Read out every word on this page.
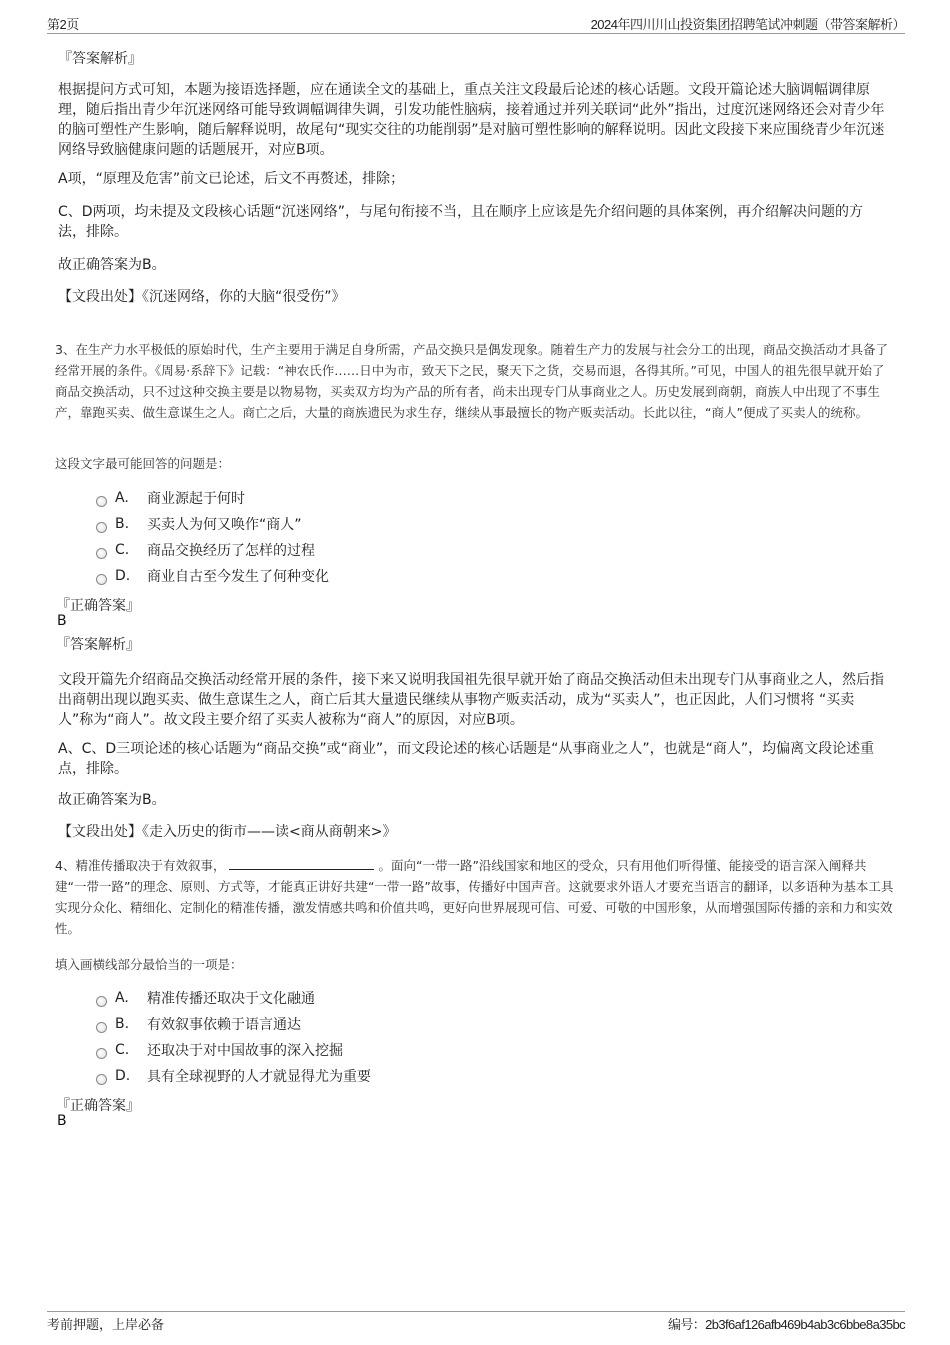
第2页	2024年四川川山投资集团招聘笔试冲刺题（带答案解析）
『答案解析』
根据提问方式可知，本题为接语选择题，应在通读全文的基础上，重点关注文段最后论述的核心话题。文段开篇论述大脑调幅调律原理，随后指出青少年沉迷网络可能导致调幅调律失调，引发功能性脑病，接着通过并列关联词“此外”指出，过度沉迷网络还会对青少年的脑可塑性产生影响，随后解释说明，故尾句“现实交往的功能削弱”是对脑可塑性影响的解释说明。因此文段接下来应围绕青少年沉迷网络导致脑健康问题的话题展开，对应B项。
A项，“原理及危害”前文已论述，后文不再赘述，排除；
C、D两项，均未提及文段核心话题“沉迷网络”，与尾句衔接不当，且在顺序上应该是先介绍问题的具体案例，再介绍解决问题的方法，排除。
故正确答案为B。
【文段出处】《沉迷网络，你的大脑“很受伤”》
3、在生产力水平极低的原始时代，生产主要用于满足自身所需，产品交换只是偶发现象。随着生产力的发展与社会分工的出现，商品交换活动才具备了经常开展的条件。《周易·系辞下》记载：“神农氏作……日中为市，致天下之民，聚天下之货，交易而退，各得其所。”可见，中国人的祖先很早就开始了商品交换活动，只不过这种交换主要是以物易物，买卖双方均为产品的所有者，尚未出现专门从事商业之人。历史发展到商朝，商族人中出现了不事生产，靠跑买卖、做生意谋生之人。商亡之后，大量的商族遗民为求生存，继续从事最擅长的物产贩卖活动。长此以往，“商人”便成了买卖人的统称。
这段文字最可能回答的问题是：
A.	商业源起于何时
B.	买卖人为何又唤作“商人”
C.	商品交换经历了怎样的过程
D.	商业自古至今发生了何种变化
『正确答案』
B
『答案解析』
文段开篇先介绍商品交换活动经常开展的条件，接下来又说明我国祖先很早就开始了商品交换活动但未出现专门从事商业之人，然后指出商朝出现以跑买卖、做生意谋生之人，商亡后其大量遗民继续从事物产贩卖活动，成为“买卖人”，也正因此，人们习惯将 “买卖人”称为“商人”。故文段主要介绍了买卖人被称为“商人”的原因，对应B项。
A、C、D三项论述的核心话题为“商品交换”或“商业”，而文段论述的核心话题是“从事商业之人”，也就是“商人”，均偏离文段论述重点，排除。
故正确答案为B。
【文段出处】《走入历史的街市——读<商从商朝来>》
4、精准传播取决于有效叙事，	。面向“一带一路”沿线国家和地区的受众，只有用他们听得懂、能接受的语言深入阐释共建“一带一路”的理念、原则、方式等，才能真正讲好共建“一带一路”故事，传播好中国声音。这就要求外语人才要充当语言的翻译，以多语种为基本工具实现分众化、精细化、定制化的精准传播，激发情感共鸣和价值共鸣，更好向世界展现可信、可爱、可敬的中国形象，从而增强国际传播的亲和力和实效性。
填入画横线部分最恰当的一项是：
A.	精准传播还取决于文化融通
B.	有效叙事依赖于语言通达
C.	还取决于对中国故事的深入挖掘
D.	具有全球视野的人才就显得尤为重要
『正确答案』
B
考前押题，上岸必备	编号：2b3f6af126afb469b4ab3c6bbe8a35bc
